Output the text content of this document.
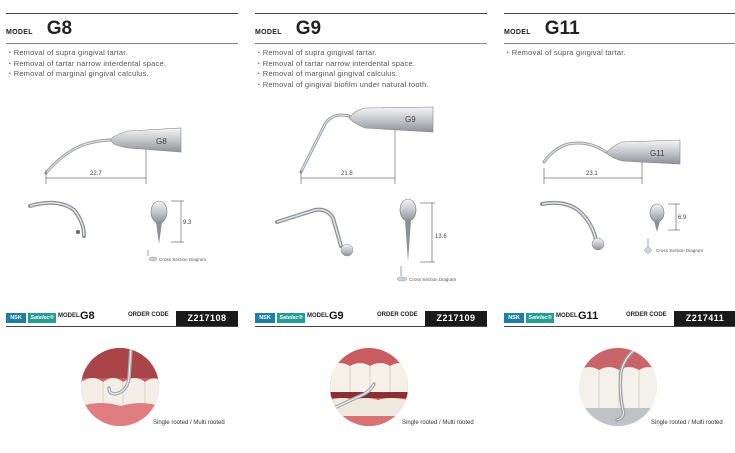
MODEL G8
・Removal of supra gingival tartar.
・Removal of tartar narrow interdental space.
・Removal of marginal gingival calculus.
G8
22.7
9.3
Cross Section Diagram
NSK	Satelec® MODEL G8	ORDER CODE	Z217108
Single rooted / Multi rooted
MODEL G9
・Removal of supra gingival tartar.
・Removal of tartar narrow interdental space.
・Removal of marginal gingival calculus.
・Removal of gingival biofilm under natural tooth.
G9
21.8
13.6
Cross Section Diagram
NSK	Satelec® MODEL G9	ORDER CODE	Z217109
Single rooted / Multi rooted
MODEL G11
・Removal of supra gingival tartar.
G11
23.1
6.9
Cross Section Diagram
NSK	Satelec® MODEL G11	ORDER CODE	Z217411
Single rooted / Multi rooted
